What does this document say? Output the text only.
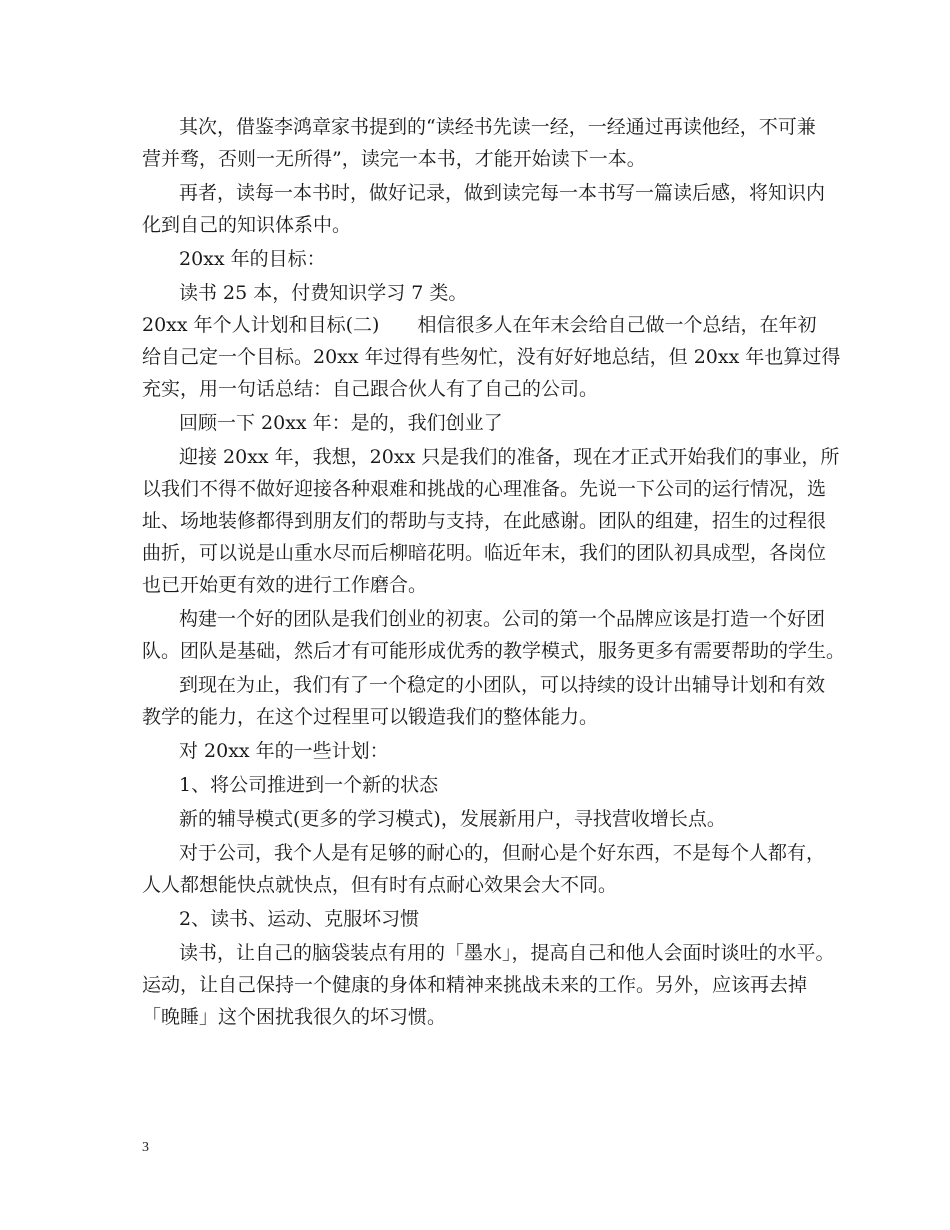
其次，借鉴李鸿章家书提到的“读经书先读一经，一经通过再读他经，不可兼

营并骛，否则一无所得”，读完一本书，才能开始读下一本。

再者，读每一本书时，做好记录，做到读完每一本书写一篇读后感，将知识内

化到自己的知识体系中。

20xx 年的目标：

读书 25 本，付费知识学习 7 类。

20xx 年个人计划和目标(二)　　相信很多人在年末会给自己做一个总结，在年初

给自己定一个目标。20xx 年过得有些匆忙，没有好好地总结，但 20xx 年也算过得

充实，用一句话总结：自己跟合伙人有了自己的公司。

回顾一下 20xx 年：是的，我们创业了

迎接 20xx 年，我想，20xx 只是我们的准备，现在才正式开始我们的事业，所

以我们不得不做好迎接各种艰难和挑战的心理准备。先说一下公司的运行情况，选

址、场地装修都得到朋友们的帮助与支持，在此感谢。团队的组建，招生的过程很

曲折，可以说是山重水尽而后柳暗花明。临近年末，我们的团队初具成型，各岗位

也已开始更有效的进行工作磨合。

构建一个好的团队是我们创业的初衷。公司的第一个品牌应该是打造一个好团

队。团队是基础，然后才有可能形成优秀的教学模式，服务更多有需要帮助的学生。

到现在为止，我们有了一个稳定的小团队，可以持续的设计出辅导计划和有效

教学的能力，在这个过程里可以锻造我们的整体能力。

对 20xx 年的一些计划：

1、将公司推进到一个新的状态

新的辅导模式(更多的学习模式)，发展新用户，寻找营收增长点。

对于公司，我个人是有足够的耐心的，但耐心是个好东西，不是每个人都有，

人人都想能快点就快点，但有时有点耐心效果会大不同。

2、读书、运动、克服坏习惯

读书，让自己的脑袋装点有用的「墨水」，提高自己和他人会面时谈吐的水平。

运动，让自己保持一个健康的身体和精神来挑战未来的工作。另外，应该再去掉

「晚睡」这个困扰我很久的坏习惯。

3
